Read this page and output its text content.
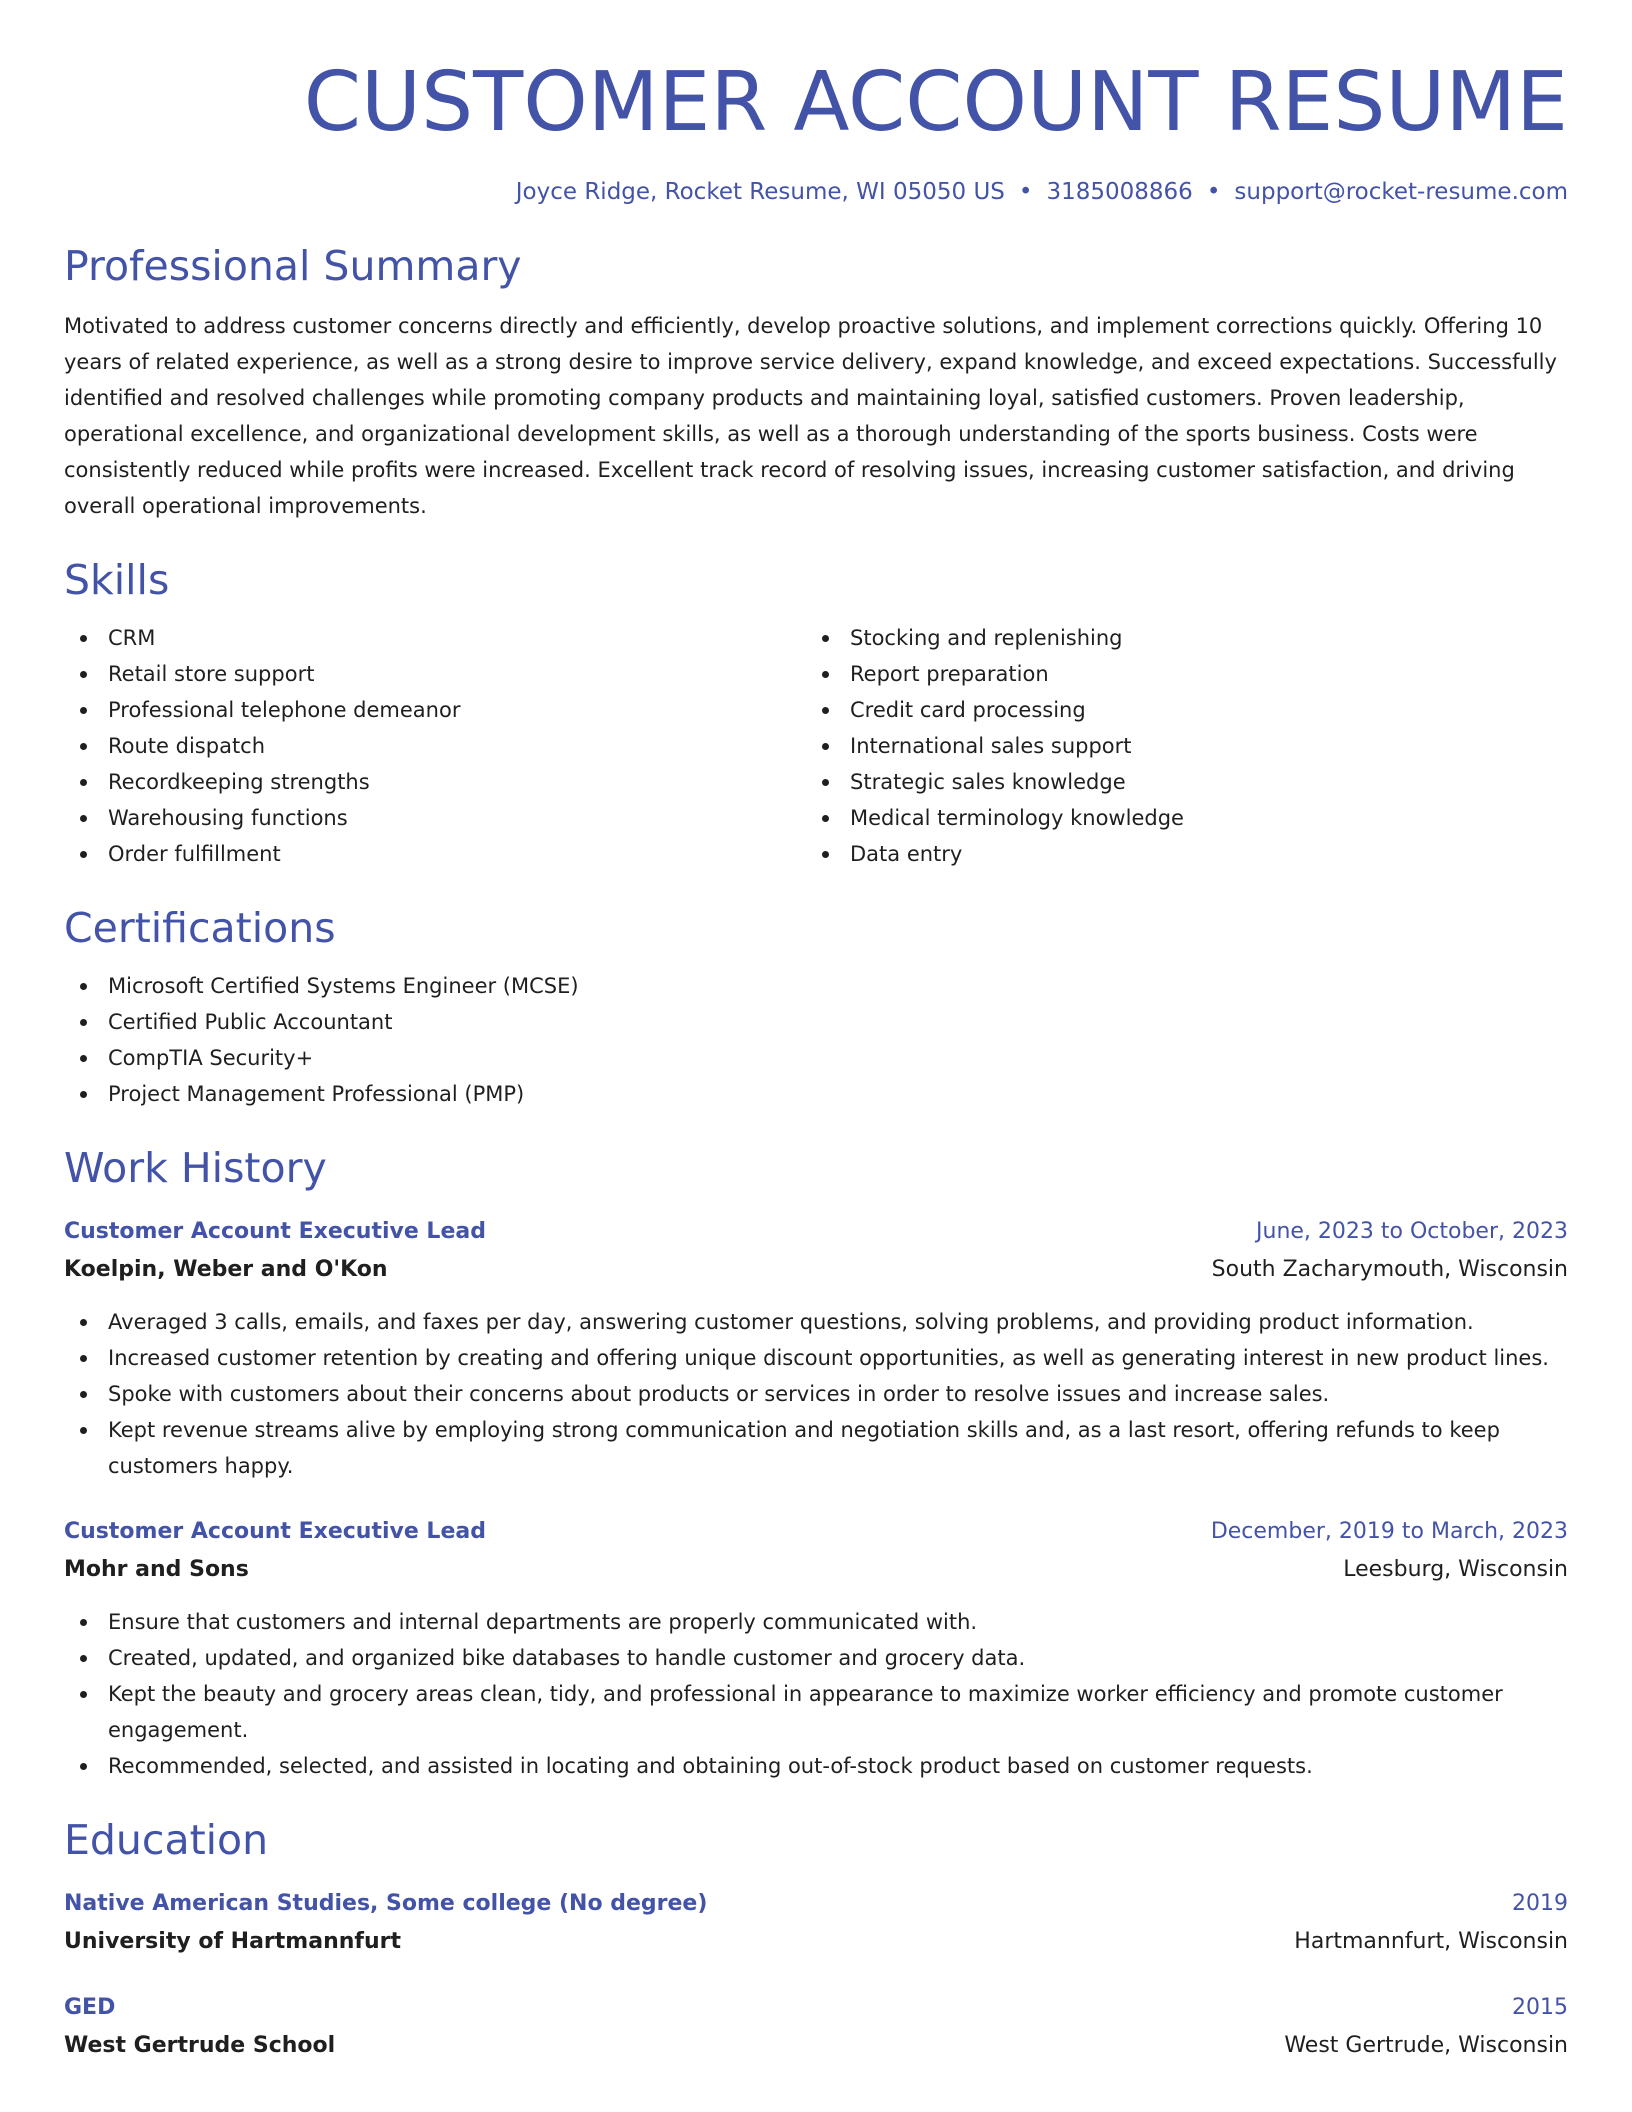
CUSTOMER ACCOUNT RESUME
Joyce Ridge, Rocket Resume, WI 05050 US • 3185008866 • support@rocket-resume.com
Professional Summary
Motivated to address customer concerns directly and efficiently, develop proactive solutions, and implement corrections quickly. Offering 10 years of related experience, as well as a strong desire to improve service delivery, expand knowledge, and exceed expectations. Successfully identified and resolved challenges while promoting company products and maintaining loyal, satisfied customers. Proven leadership, operational excellence, and organizational development skills, as well as a thorough understanding of the sports business. Costs were consistently reduced while profits were increased. Excellent track record of resolving issues, increasing customer satisfaction, and driving overall operational improvements.
Skills
CRM
Retail store support
Professional telephone demeanor
Route dispatch
Recordkeeping strengths
Warehousing functions
Order fulfillment
Stocking and replenishing
Report preparation
Credit card processing
International sales support
Strategic sales knowledge
Medical terminology knowledge
Data entry
Certifications
Microsoft Certified Systems Engineer (MCSE)
Certified Public Accountant
CompTIA Security+
Project Management Professional (PMP)
Work History
Customer Account Executive Lead	June, 2023 to October, 2023
Koelpin, Weber and O'Kon	South Zacharymouth, Wisconsin
Averaged 3 calls, emails, and faxes per day, answering customer questions, solving problems, and providing product information.
Increased customer retention by creating and offering unique discount opportunities, as well as generating interest in new product lines.
Spoke with customers about their concerns about products or services in order to resolve issues and increase sales.
Kept revenue streams alive by employing strong communication and negotiation skills and, as a last resort, offering refunds to keep customers happy.
Customer Account Executive Lead	December, 2019 to March, 2023
Mohr and Sons	Leesburg, Wisconsin
Ensure that customers and internal departments are properly communicated with.
Created, updated, and organized bike databases to handle customer and grocery data.
Kept the beauty and grocery areas clean, tidy, and professional in appearance to maximize worker efficiency and promote customer engagement.
Recommended, selected, and assisted in locating and obtaining out-of-stock product based on customer requests.
Education
Native American Studies, Some college (No degree)	2019
University of Hartmannfurt	Hartmannfurt, Wisconsin
GED	2015
West Gertrude School	West Gertrude, Wisconsin
